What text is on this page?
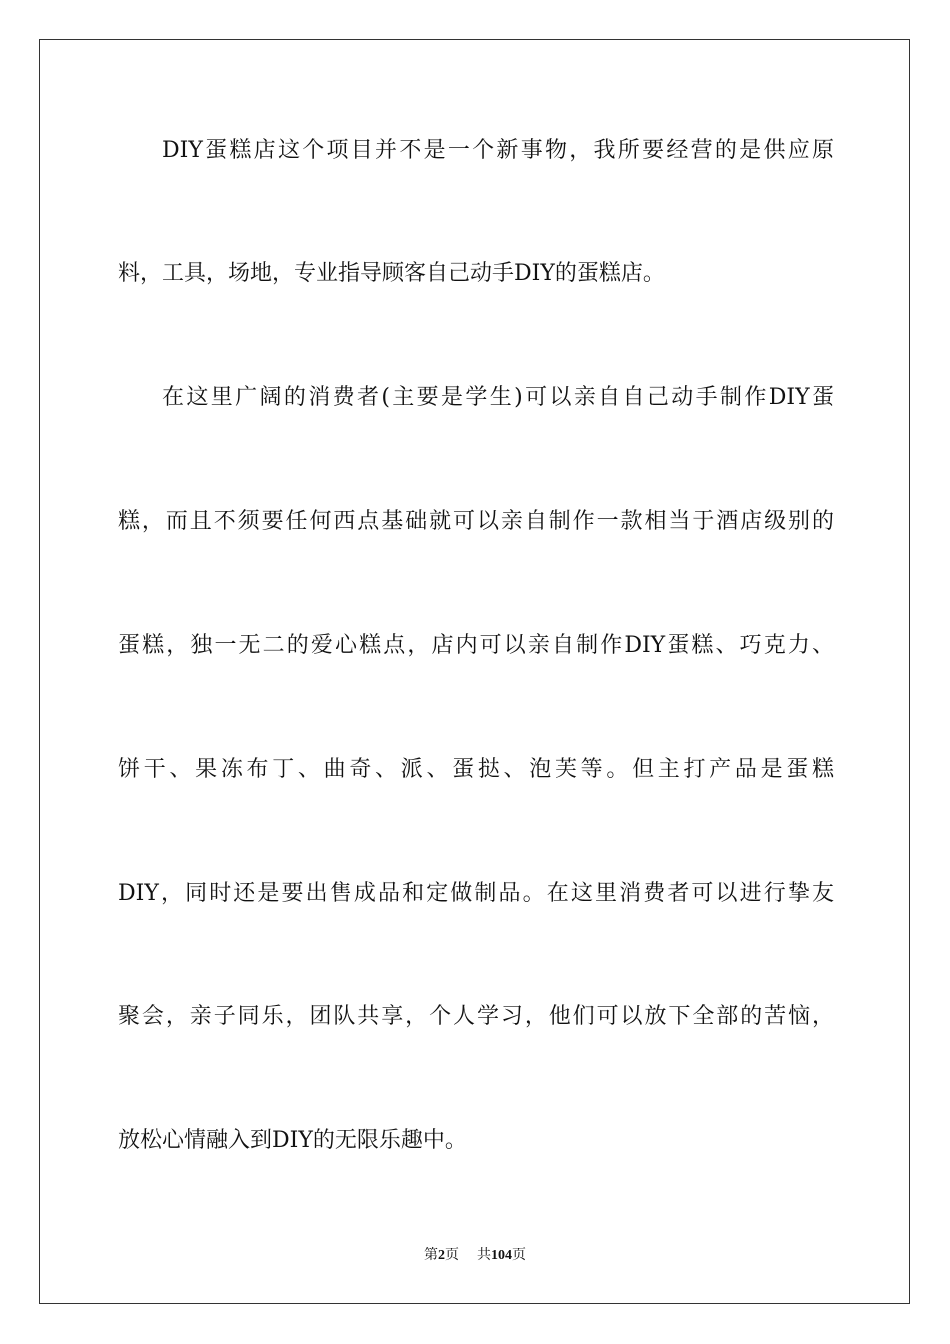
DIY蛋糕店这个项目并不是一个新事物，我所要经营的是供应原
料，工具，场地，专业指导顾客自己动手DIY的蛋糕店。
在这里广阔的消费者(主要是学生)可以亲自自己动手制作DIY蛋
糕，而且不须要任何西点基础就可以亲自制作一款相当于酒店级别的
蛋糕，独一无二的爱心糕点，店内可以亲自制作DIY蛋糕、巧克力、
饼干、果冻布丁、曲奇、派、蛋挞、泡芙等。但主打产品是蛋糕
DIY，同时还是要出售成品和定做制品。在这里消费者可以进行挚友
聚会，亲子同乐，团队共享，个人学习，他们可以放下全部的苦恼，
放松心情融入到DIY的无限乐趣中。
第2页 共104页
